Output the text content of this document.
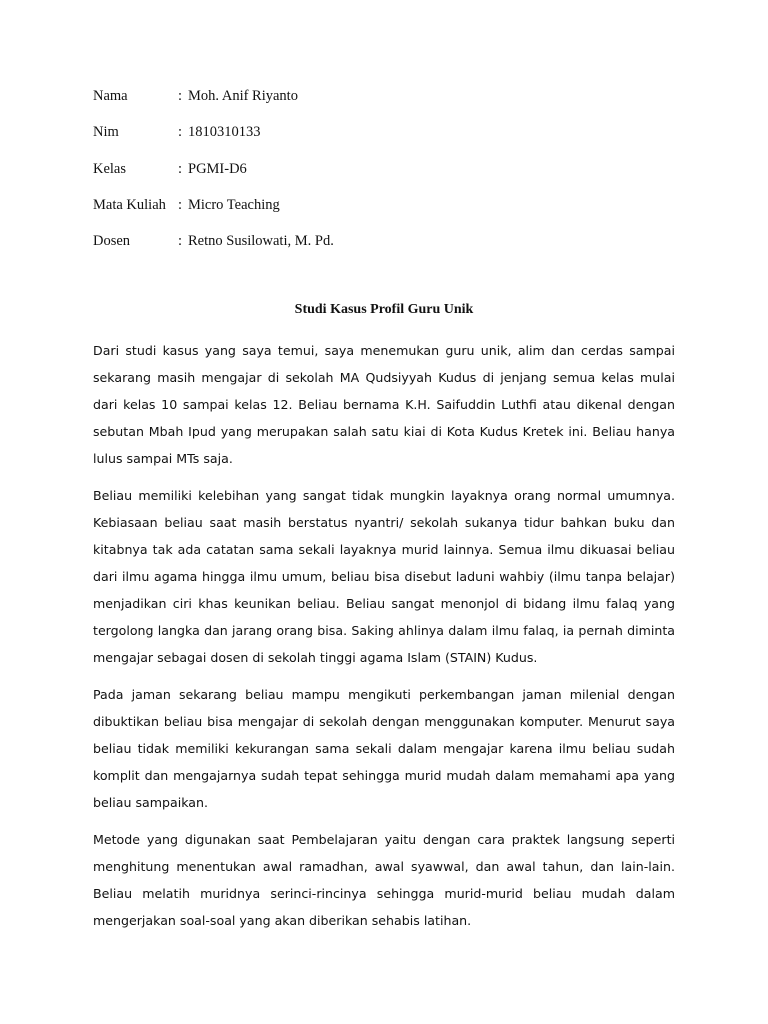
Nama	: Moh. Anif Riyanto
Nim	: 1810310133
Kelas	: PGMI-D6
Mata Kuliah : Micro Teaching
Dosen	: Retno Susilowati, M. Pd.
Studi Kasus Profil Guru Unik

Dari studi kasus yang saya temui, saya menemukan guru unik, alim dan cerdas sampai sekarang masih mengajar di sekolah MA Qudsiyyah Kudus di jenjang semua kelas mulai dari kelas 10 sampai kelas 12. Beliau bernama K.H. Saifuddin Luthfi atau dikenal dengan sebutan Mbah Ipud yang merupakan salah satu kiai di Kota Kudus Kretek ini. Beliau hanya lulus sampai MTs saja.

Beliau memiliki kelebihan yang sangat tidak mungkin layaknya orang normal umumnya. Kebiasaan beliau saat masih berstatus nyantri/ sekolah sukanya tidur bahkan buku dan kitabnya tak ada catatan sama sekali layaknya murid lainnya. Semua ilmu dikuasai beliau dari ilmu agama hingga ilmu umum, beliau bisa disebut laduni wahbiy (ilmu tanpa belajar) menjadikan ciri khas keunikan beliau. Beliau sangat menonjol di bidang ilmu falaq yang tergolong langka dan jarang orang bisa. Saking ahlinya dalam ilmu falaq, ia pernah diminta mengajar sebagai dosen di sekolah tinggi agama Islam (STAIN) Kudus.

Pada jaman sekarang beliau mampu mengikuti perkembangan jaman milenial dengan dibuktikan beliau bisa mengajar di sekolah dengan menggunakan komputer. Menurut saya beliau tidak memiliki kekurangan sama sekali dalam mengajar karena ilmu beliau sudah komplit dan mengajarnya sudah tepat sehingga murid mudah dalam memahami apa yang beliau sampaikan.

Metode yang digunakan saat Pembelajaran yaitu dengan cara praktek langsung seperti menghitung menentukan awal ramadhan, awal syawwal, dan awal tahun, dan lain-lain. Beliau melatih muridnya serinci-rincinya sehingga murid-murid beliau mudah dalam mengerjakan soal-soal yang akan diberikan sehabis latihan.
